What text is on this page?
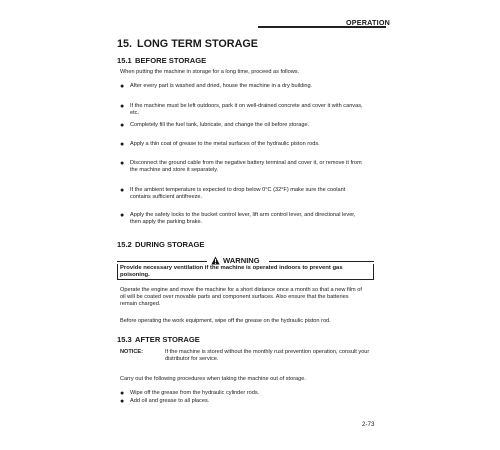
OPERATION
15. LONG TERM STORAGE
15.1 BEFORE STORAGE
When putting the machine in storage for a long time, proceed as follows.
● After every part is washed and dried, house the machine in a dry building.
● If the machine must be left outdoors, park it on well-drained concrete and cover it with canvas, etc.
● Completely fill the fuel tank, lubricate, and change the oil before storage.
● Apply a thin coat of grease to the metal surfaces of the hydraulic piston rods.
● Disconnect the ground cable from the negative battery terminal and cover it, or remove it from the machine and store it separately.
● If the ambient temperature is expected to drop below 0°C (32°F) make sure the coolant contains sufficient antifreeze.
● Apply the safety locks to the bucket control lever, lift arm control lever, and directional lever, then apply the parking brake.
15.2 DURING STORAGE
WARNING
Provide necessary ventilation if the machine is operated indoors to prevent gas poisoning.
Operate the engine and move the machine for a short distance once a month so that a new film of oil will be coated over movable parts and component surfaces. Also ensure that the batteries remain charged.
Before operating the work equipment, wipe off the grease on the hydraulic piston rod.
15.3 AFTER STORAGE
NOTICE:	If the machine is stored without the monthly rust prevention operation, consult your distributor for service.
Carry out the following procedures when taking the machine out of storage.
● Wipe off the grease from the hydraulic cylinder rods.
● Add oil and grease to all places.
2-73
